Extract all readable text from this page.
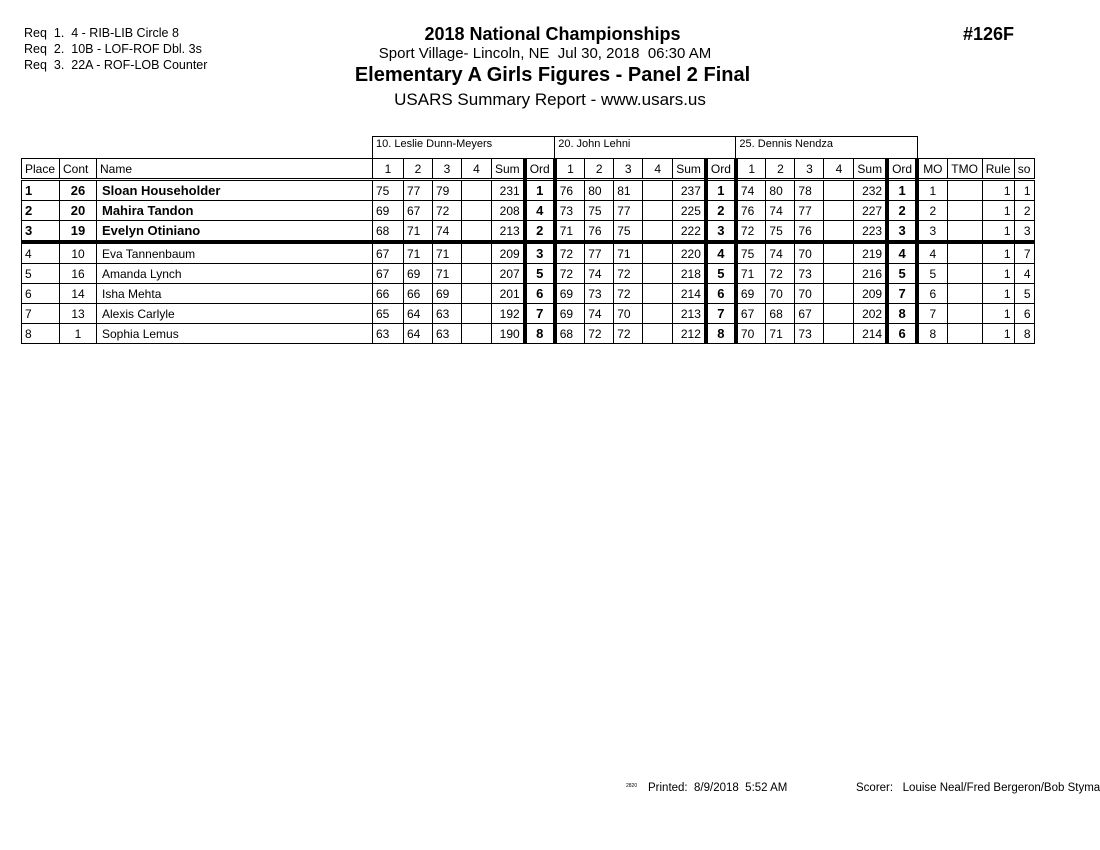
Req  1.  4 - RIB-LIB Circle 8
Req  2.  10B - LOF-ROF Dbl. 3s
Req  3.  22A - ROF-LOB Counter
2018 National Championships
Sport Village- Lincoln, NE  Jul 30, 2018  06:30 AM
Elementary A Girls Figures - Panel 2 Final
USARS Summary Report - www.usars.us
#126F
			10. Leslie Dunn-Meyers						20. John Lehni						25. Dennis Nendza									
Place	Cont	Name	1	2	3	4	Sum	Ord	1	2	3	4	Sum	Ord	1	2	3	4	Sum	Ord	MO	TMO	Rule	so
1	26	Sloan Householder	75	77	79		231	1	76	80	81		237	1	74	80	78		232	1	1		1	1
2	20	Mahira Tandon	69	67	72		208	4	73	75	77		225	2	76	74	77		227	2	2		1	2
3	19	Evelyn Otiniano	68	71	74		213	2	71	76	75		222	3	72	75	76		223	3	3		1	3
4	10	Eva Tannenbaum	67	71	71		209	3	72	77	71		220	4	75	74	70		219	4	4		1	7
5	16	Amanda Lynch	67	69	71		207	5	72	74	72		218	5	71	72	73		216	5	5		1	4
6	14	Isha Mehta	66	66	69		201	6	69	73	72		214	6	69	70	70		209	7	6		1	5
7	13	Alexis Carlyle	65	64	63		192	7	69	74	70		213	7	67	68	67		202	8	7		1	6
8	1	Sophia Lemus	63	64	63		190	8	68	72	72		212	8	70	71	73		214	6	8		1	8
2820 Printed:  8/9/2018  5:52 AM	Scorer:   Louise Neal/Fred Bergeron/Bob Styma
